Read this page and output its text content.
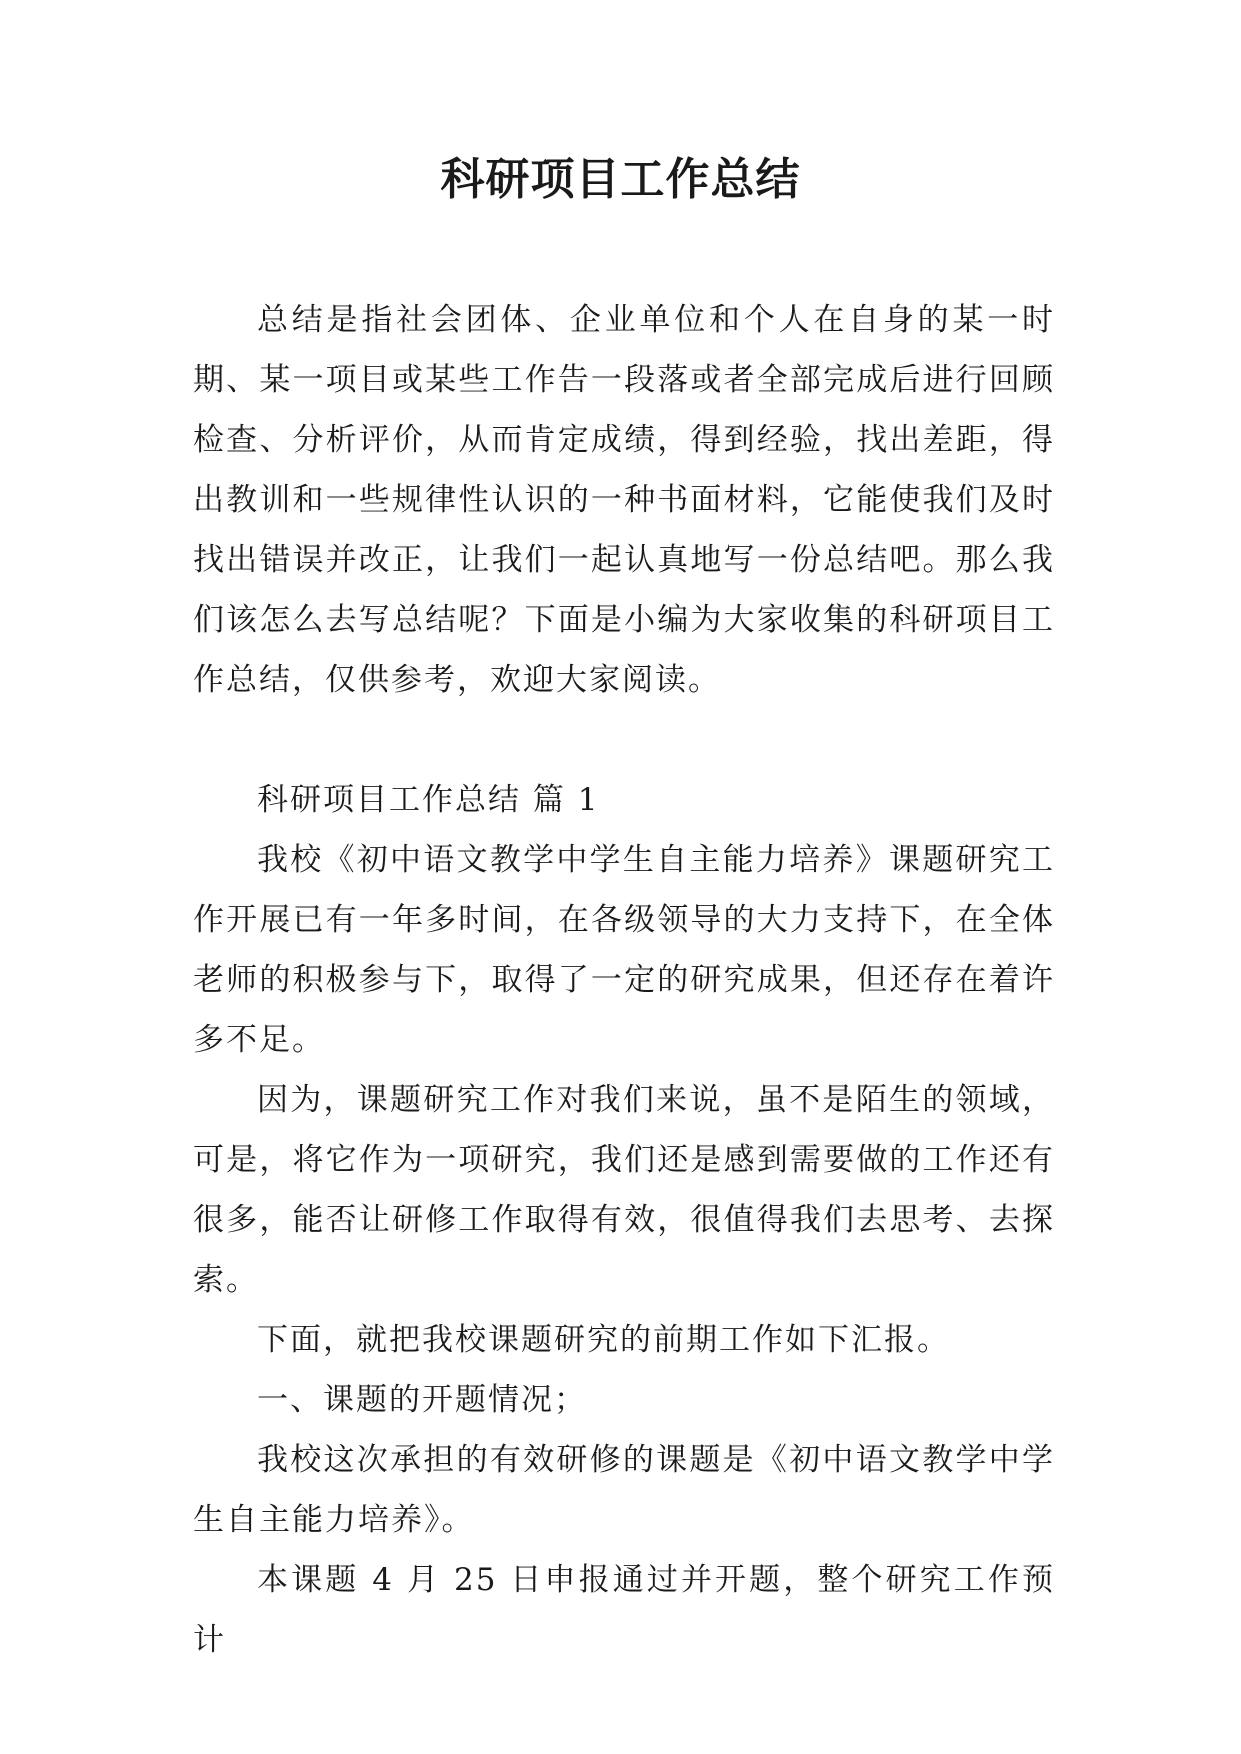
科研项目工作总结

总结是指社会团体、企业单位和个人在自身的某一时期、某一项目或某些工作告一段落或者全部完成后进行回顾检查、分析评价，从而肯定成绩，得到经验，找出差距，得出教训和一些规律性认识的一种书面材料，它能使我们及时找出错误并改正，让我们一起认真地写一份总结吧。那么我们该怎么去写总结呢？下面是小编为大家收集的科研项目工作总结，仅供参考，欢迎大家阅读。

科研项目工作总结 篇 1

我校《初中语文教学中学生自主能力培养》课题研究工作开展已有一年多时间，在各级领导的大力支持下，在全体老师的积极参与下，取得了一定的研究成果，但还存在着许多不足。

因为，课题研究工作对我们来说，虽不是陌生的领域，可是，将它作为一项研究，我们还是感到需要做的工作还有很多，能否让研修工作取得有效，很值得我们去思考、去探索。

下面，就把我校课题研究的前期工作如下汇报。

一、课题的开题情况；

我校这次承担的有效研修的课题是《初中语文教学中学生自主能力培养》。

本课题 4 月 25 日申报通过并开题，整个研究工作预计
